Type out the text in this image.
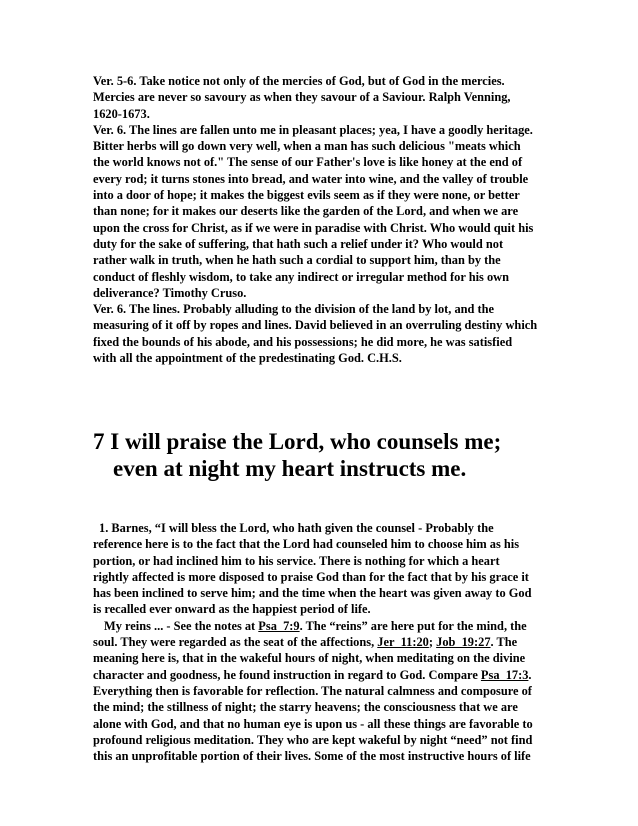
Ver. 5-6. Take notice not only of the mercies of God, but of God in the mercies.
Mercies are never so savoury as when they savour of a Saviour. Ralph Venning,
1620-1673.
Ver. 6. The lines are fallen unto me in pleasant places; yea, I have a goodly heritage.
Bitter herbs will go down very well, when a man has such delicious "meats which
the world knows not of." The sense of our Father's love is like honey at the end of
every rod; it turns stones into bread, and water into wine, and the valley of trouble
into a door of hope; it makes the biggest evils seem as if they were none, or better
than none; for it makes our deserts like the garden of the Lord, and when we are
upon the cross for Christ, as if we were in paradise with Christ. Who would quit his
duty for the sake of suffering, that hath such a relief under it? Who would not
rather walk in truth, when he hath such a cordial to support him, than by the
conduct of fleshly wisdom, to take any indirect or irregular method for his own
deliverance? Timothy Cruso.
Ver. 6. The lines. Probably alluding to the division of the land by lot, and the
measuring of it off by ropes and lines. David believed in an overruling destiny which
fixed the bounds of his abode, and his possessions; he did more, he was satisfied
with all the appointment of the predestinating God. C.H.S.
7 I will praise the Lord, who counsels me;
even at night my heart instructs me.
1. Barnes, “I will bless the Lord, who hath given the counsel - Probably the
reference here is to the fact that the Lord had counseled him to choose him as his
portion, or had inclined him to his service. There is nothing for which a heart
rightly affected is more disposed to praise God than for the fact that by his grace it
has been inclined to serve him; and the time when the heart was given away to God
is recalled ever onward as the happiest period of life.
My reins ... - See the notes at Psa_7:9. The “reins” are here put for the mind, the
soul. They were regarded as the seat of the affections, Jer_11:20; Job_19:27. The
meaning here is, that in the wakeful hours of night, when meditating on the divine
character and goodness, he found instruction in regard to God. Compare Psa_17:3.
Everything then is favorable for reflection. The natural calmness and composure of
the mind; the stillness of night; the starry heavens; the consciousness that we are
alone with God, and that no human eye is upon us - all these things are favorable to
profound religious meditation. They who are kept wakeful by night “need” not find
this an unprofitable portion of their lives. Some of the most instructive hours of life
